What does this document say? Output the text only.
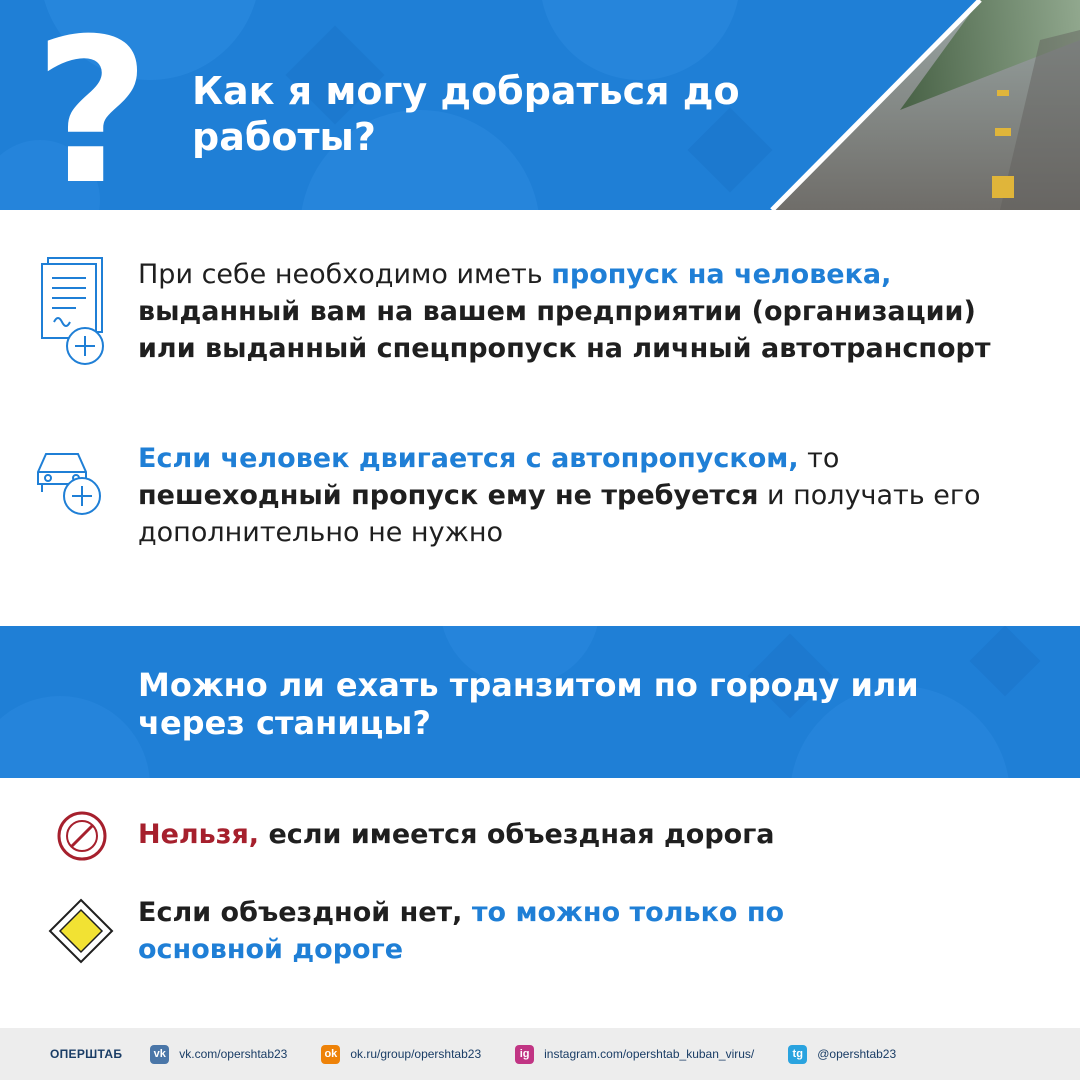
? Как я могу добраться до работы?
При себе необходимо иметь пропуск на человека, выданный вам на вашем предприятии (организации) или выданный спецпропуск на личный автотранспорт
Если человек двигается с автопропуском, то пешеходный пропуск ему не требуется и получать его дополнительно не нужно
Можно ли ехать транзитом по городу или через станицы?
Нельзя, если имеется объездная дорога
Если объездной нет, то можно только по основной дороге
ОПЕРШТАБ	vk vk.com/opershtab23	ok ok.ru/group/opershtab23	ig	instagram.com/opershtab_kuban_virus/	tg	@opershtab23
